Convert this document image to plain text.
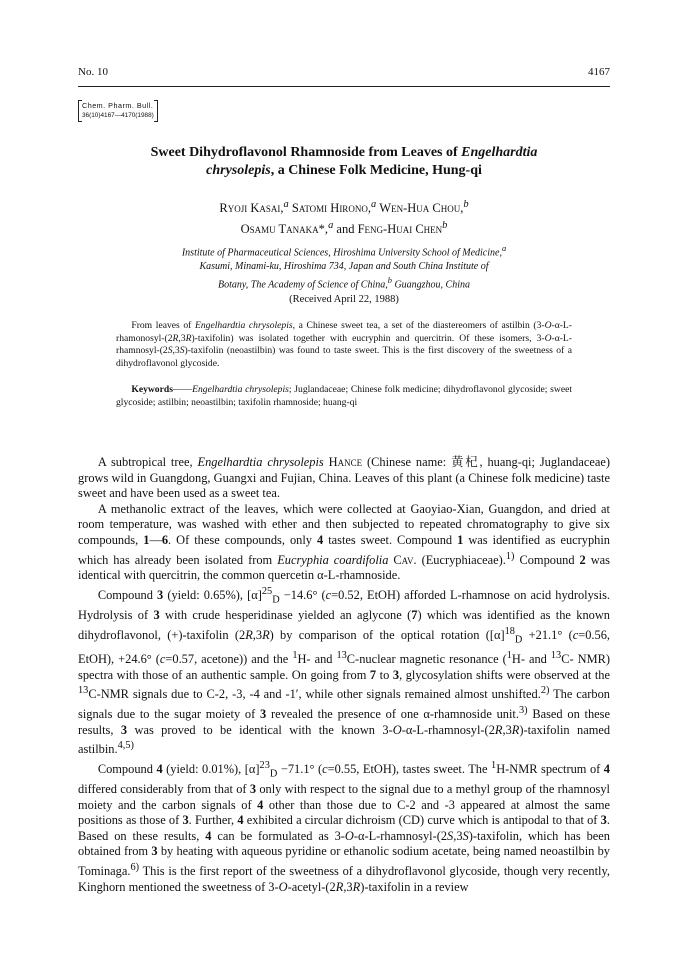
No. 10	4167
Chem. Pharm. Bull.
36(10)4167—4170(1988)
Sweet Dihydroflavonol Rhamnoside from Leaves of Engelhardtia
chrysolepis, a Chinese Folk Medicine, Hung-qi
Ryoji Kasai,$^a$ Satomi Hirono,$^a$ Wen-Hua Chou,$^b$
Osamu Tanaka*,$^a$ and Feng-Huai Chen$^b$
Institute of Pharmaceutical Sciences, Hiroshima University School of Medicine,$^a$
Kasumi, Minami-ku, Hiroshima 734, Japan and South China Institute of
Botany, The Academy of Science of China,$^b$ Guangzhou, China
(Received April 22, 1988)

From leaves of Engelhardtia chrysolepis, a Chinese sweet tea, a set of the diastereomers of astilbin (3-O-α-L-rhamonosyl-(2R,3R)-taxifolin) was isolated together with eucryphin and quercitrin. Of these isomers, 3-O-α-L-rhamnosyl-(2S,3S)-taxifolin (neoastilbin) was found to taste sweet. This is the first discovery of the sweetness of a dihydroflavonol glycoside.

Keywords——Engelhardtia chrysolepis; Juglandaceae; Chinese folk medicine; dihydroflavonol glycoside; sweet glycoside; astilbin; neoastilbin; taxifolin rhamnoside; huang-qi

A subtropical tree, Engelhardtia chrysolepis Hance (Chinese name: 黄杞, huang-qi; Juglandaceae) grows wild in Guangdong, Guangxi and Fujian, China. Leaves of this plant (a Chinese folk medicine) taste sweet and have been used as a sweet tea.

A methanolic extract of the leaves, which were collected at Gaoyiao-Xian, Guangdon, and dried at room temperature, was washed with ether and then subjected to repeated chromatography to give six compounds, 1—6. Of these compounds, only 4 tastes sweet. Compound 1 was identified as eucryphin which has already been isolated from Eucryphia coardifolia Cav. (Eucryphiaceae).$^{1)}$ Compound 2 was identical with quercitrin, the common quercetin α-L-rhamnoside.

Compound 3 (yield: 0.65%), $[\alpha]^{25}_D -14.6^\circ$ (c=0.52, EtOH) afforded L-rhamnose on acid hydrolysis. Hydrolysis of 3 with crude hesperidinase yielded an aglycone (7) which was identified as the known dihydroflavonol, (+)-taxifolin (2R,3R) by comparison of the optical rotation ($[\alpha]^{18}_D +21.1^\circ$ (c=0.56, EtOH), +24.6° (c=0.57, acetone)) and the $^1$H- and $^{13}$C-nuclear magnetic resonance ($^1$H- and $^{13}$C- NMR) spectra with those of an authentic sample. On going from 7 to 3, glycosylation shifts were observed at the $^{13}$C-NMR signals due to C-2, -3, -4 and -1′, while other signals remained almost unshifted.$^{2)}$ The carbon signals due to the sugar moiety of 3 revealed the presence of one α-rhamnoside unit.$^{3)}$ Based on these results, 3 was proved to be identical with the known 3-O-α-L-rhamnosyl-(2R,3R)-taxifolin named astilbin.$^{4,5)}$

Compound 4 (yield: 0.01%), $[\alpha]^{23}_D -71.1^\circ$ (c=0.55, EtOH), tastes sweet. The $^1$H-NMR spectrum of 4 differed considerably from that of 3 only with respect to the signal due to a methyl group of the rhamnosyl moiety and the carbon signals of 4 other than those due to C-2 and -3 appeared at almost the same positions as those of 3. Further, 4 exhibited a circular dichroism (CD) curve which is antipodal to that of 3. Based on these results, 4 can be formulated as 3-O-α-L-rhamnosyl-(2S,3S)-taxifolin, which has been obtained from 3 by heating with aqueous pyridine or ethanolic sodium acetate, being named neoastilbin by Tominaga.$^{6)}$ This is the first report of the sweetness of a dihydroflavonol glycoside, though very recently, Kinghorn mentioned the sweetness of 3-O-acetyl-(2R,3R)-taxifolin in a review
